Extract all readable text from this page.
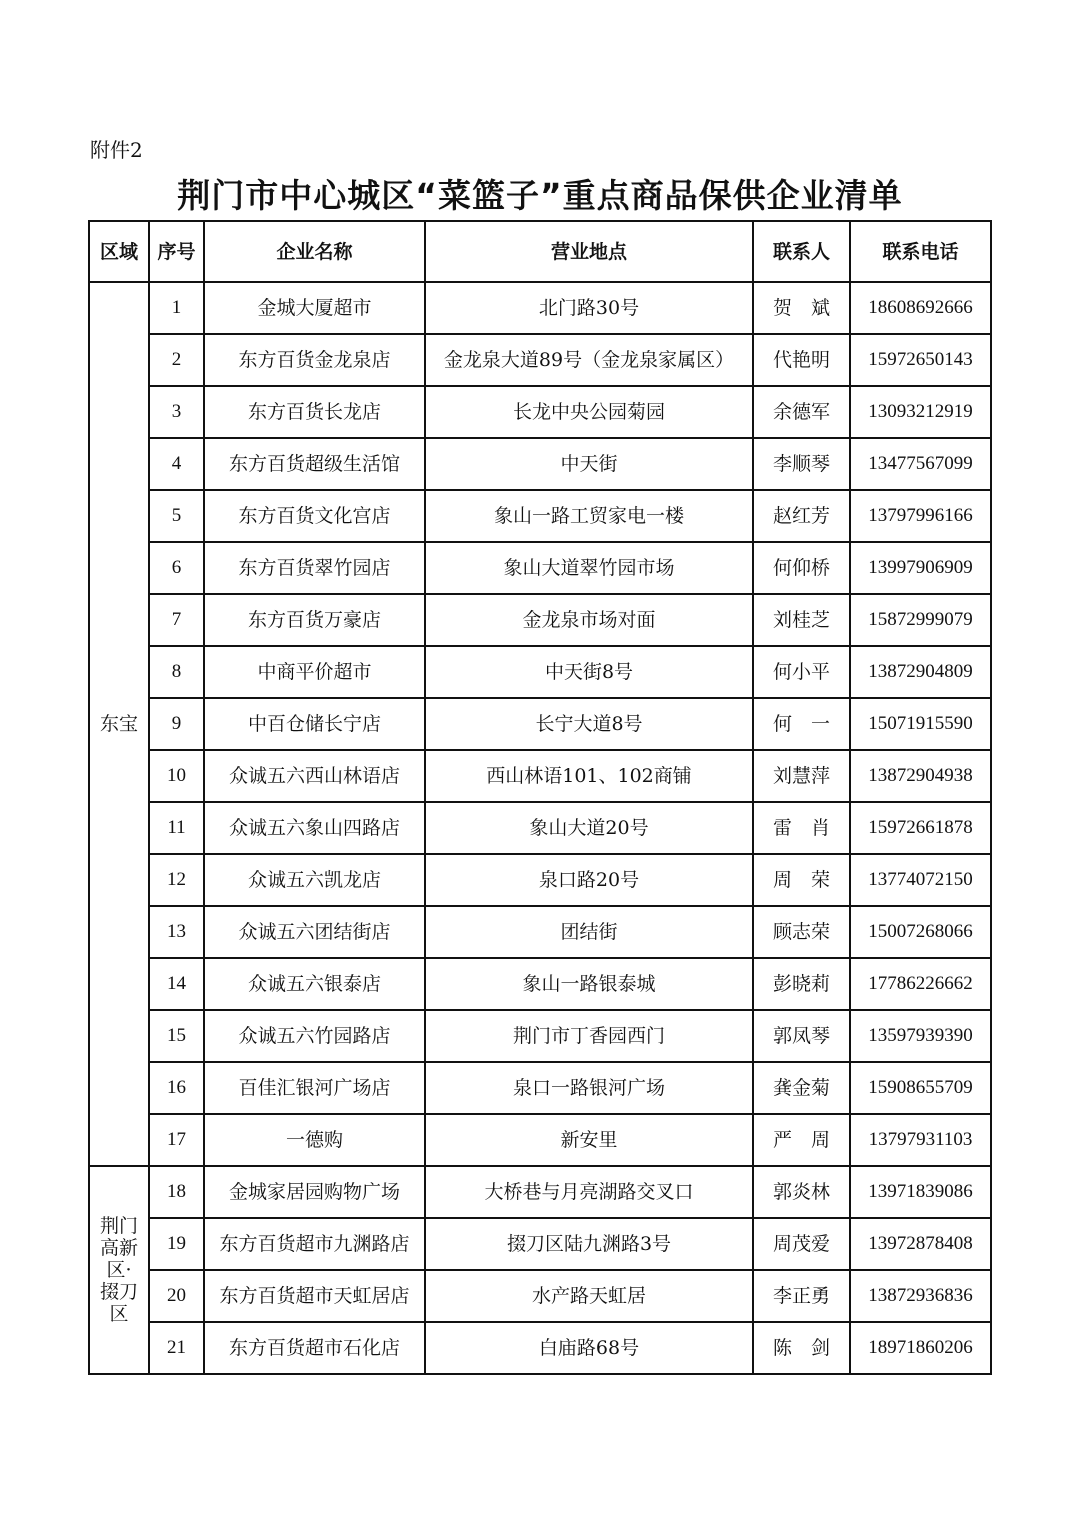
附件2
荆门市中心城区“菜篮子”重点商品保供企业清单
区域	序号	企业名称	营业地点	联系人	联系电话
东宝	1	金城大厦超市	北门路30号	贺　斌	18608692666
	2	东方百货金龙泉店	金龙泉大道89号（金龙泉家属区）	代艳明	15972650143
	3	东方百货长龙店	长龙中央公园菊园	余德军	13093212919
	4	东方百货超级生活馆	中天街	李顺琴	13477567099
	5	东方百货文化宫店	象山一路工贸家电一楼	赵红芳	13797996166
	6	东方百货翠竹园店	象山大道翠竹园市场	何仰桥	13997906909
	7	东方百货万豪店	金龙泉市场对面	刘桂芝	15872999079
	8	中商平价超市	中天街8号	何小平	13872904809
	9	中百仓储长宁店	长宁大道8号	何　一	15071915590
	10	众诚五六西山林语店	西山林语101、102商铺	刘慧萍	13872904938
	11	众诚五六象山四路店	象山大道20号	雷　肖	15972661878
	12	众诚五六凯龙店	泉口路20号	周　荣	13774072150
	13	众诚五六团结街店	团结街	顾志荣	15007268066
	14	众诚五六银泰店	象山一路银泰城	彭晓莉	17786226662
	15	众诚五六竹园路店	荆门市丁香园西门	郭凤琴	13597939390
	16	百佳汇银河广场店	泉口一路银河广场	龚金菊	15908655709
	17	一德购	新安里	严　周	13797931103
荆门高新区·掇刀区	18	金城家居园购物广场	大桥巷与月亮湖路交叉口	郭炎林	13971839086
	19	东方百货超市九渊路店	掇刀区陆九渊路3号	周茂爱	13972878408
	20	东方百货超市天虹居店	水产路天虹居	李正勇	13872936836
	21	东方百货超市石化店	白庙路68号	陈　剑	18971860206
